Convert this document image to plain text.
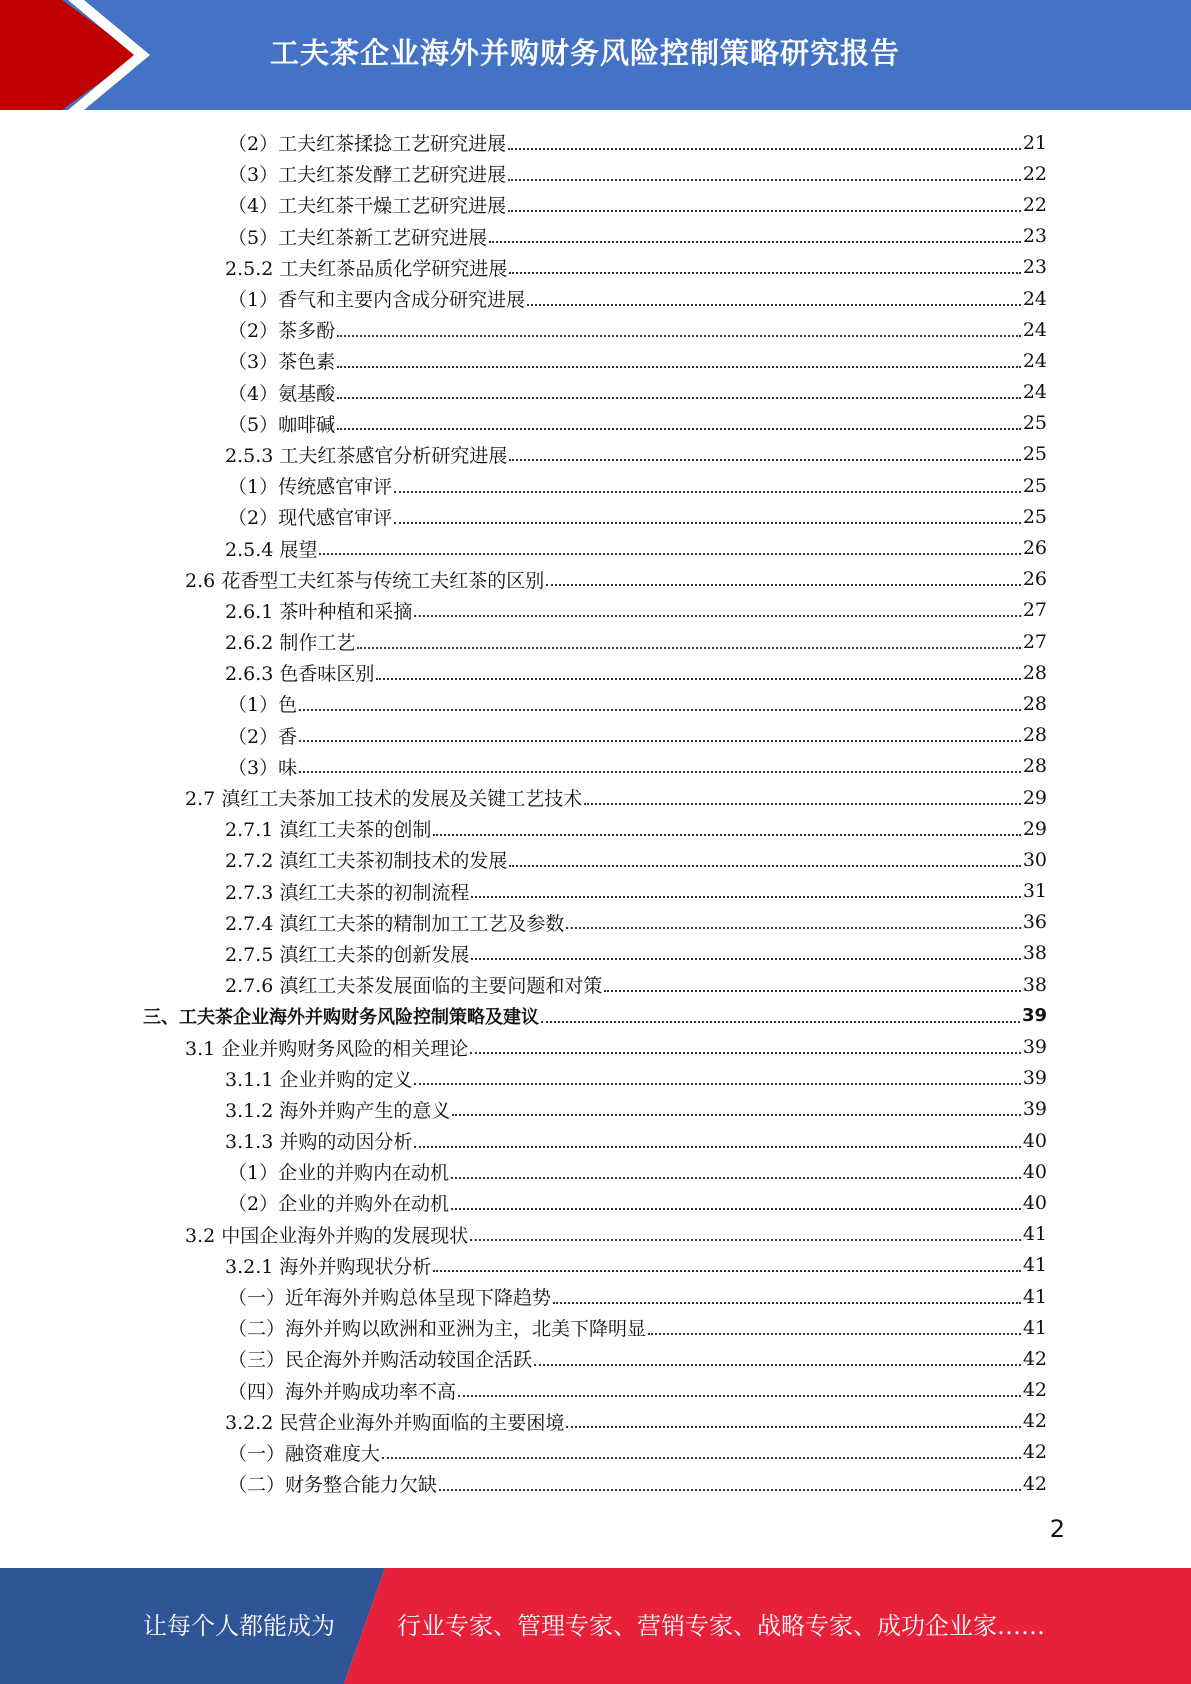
工夫茶企业海外并购财务风险控制策略研究报告
（2）工夫红茶揉捻工艺研究进展	21
（3）工夫红茶发酵工艺研究进展	22
（4）工夫红茶干燥工艺研究进展	22
（5）工夫红茶新工艺研究进展	23
2.5.2 工夫红茶品质化学研究进展	23
（1）香气和主要内含成分研究进展	24
（2）茶多酚	24
（3）茶色素	24
（4）氨基酸	24
（5）咖啡碱	25
2.5.3 工夫红茶感官分析研究进展	25
（1）传统感官审评	25
（2）现代感官审评	25
2.5.4 展望	26
2.6 花香型工夫红茶与传统工夫红茶的区别	26
2.6.1 茶叶种植和采摘	27
2.6.2 制作工艺	27
2.6.3 色香味区别	28
（1）色	28
（2）香	28
（3）味	28
2.7 滇红工夫茶加工技术的发展及关键工艺技术	29
2.7.1 滇红工夫茶的创制	29
2.7.2 滇红工夫茶初制技术的发展	30
2.7.3 滇红工夫茶的初制流程	31
2.7.4 滇红工夫茶的精制加工工艺及参数	36
2.7.5 滇红工夫茶的创新发展	38
2.7.6 滇红工夫茶发展面临的主要问题和对策	38
三、工夫茶企业海外并购财务风险控制策略及建议	39
3.1 企业并购财务风险的相关理论	39
3.1.1 企业并购的定义	39
3.1.2 海外并购产生的意义	39
3.1.3 并购的动因分析	40
（1）企业的并购内在动机	40
（2）企业的并购外在动机	40
3.2 中国企业海外并购的发展现状	41
3.2.1 海外并购现状分析	41
（一）近年海外并购总体呈现下降趋势	41
（二）海外并购以欧洲和亚洲为主，北美下降明显	41
（三）民企海外并购活动较国企活跃	42
（四）海外并购成功率不高	42
3.2.2 民营企业海外并购面临的主要困境	42
（一）融资难度大	42
（二）财务整合能力欠缺	42
2
让每个人都能成为	行业专家、管理专家、营销专家、战略专家、成功企业家……
